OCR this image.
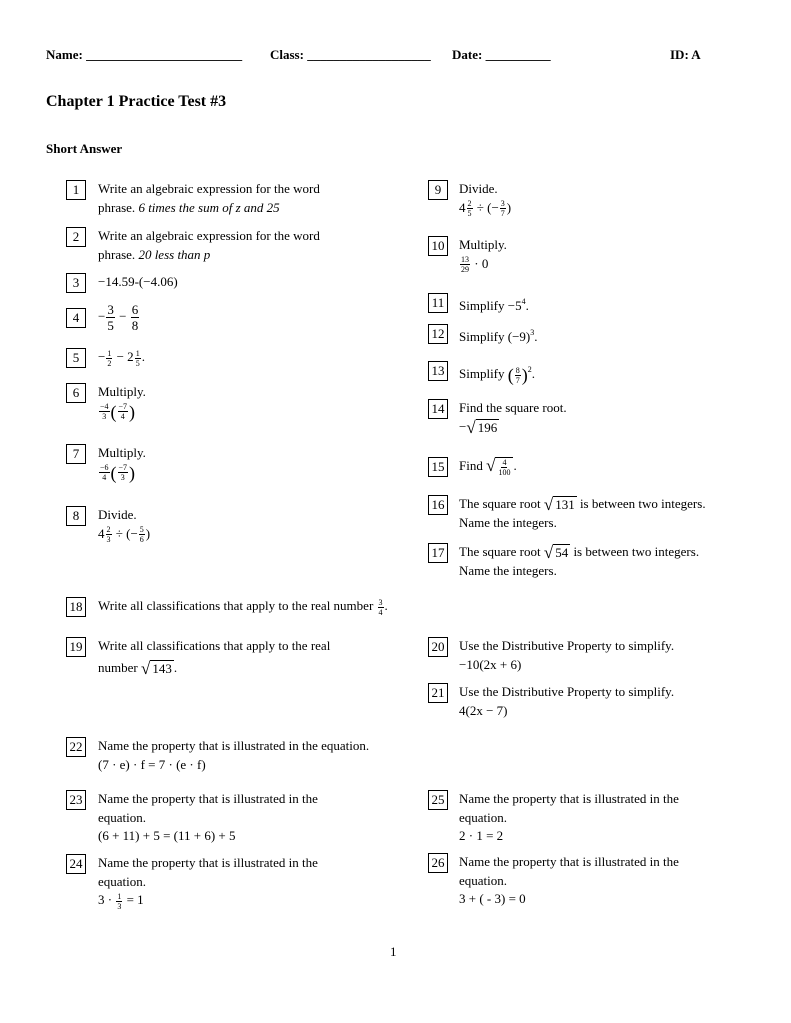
Name: ________________________ Class: ___________________ Date: __________	ID: A
Chapter 1 Practice Test #3
Short Answer
1	Write an algebraic expression for the word
phrase. 6 times the sum of z and 25
2	Write an algebraic expression for the word
phrase. 20 less than p
3	−14.59-(−4.06)
4	− $\frac{3}{5} - \frac{6}{8}$
5	− $\frac{1}{2} - 2 \frac{1}{5}$ .
6	Multiply.
$\frac{-4}{3}$ ( $\frac{-7}{4}$ )
7	Multiply.
$\frac{-6}{4}$ ( $\frac{-7}{3}$ )
8	Divide.
$4 \frac{2}{3}$ ÷ (− $\frac{5}{6}$ )
9	Divide.
$4 \frac{2}{5}$ ÷ (− $\frac{3}{7}$ )
10 Multiply.
$\frac{13}{29} \cdot 0$
11 Simplify $-5^4$.
12 Simplify $(-9)^3$.
13 Simplify ( $\frac{8}{7} )^2$.
14 Find the square root.
− √ 196
15 Find √ $\frac{4}{100}$ .
16 The square root √ 131 is between two integers.
Name the integers.
17 The square root √ 54 is between two integers.
Name the integers.
18 Write all classifications that apply to the real number $\frac{3}{4}$ .
19 Write all classifications that apply to the real
number √ 143 .
20 Use the Distributive Property to simplify.
−10(2x + 6)
21 Use the Distributive Property to simplify.
4(2x − 7)
22 Name the property that is illustrated in the equation.
(7 · e) · f = 7 · (e · f)
23 Name the property that is illustrated in the
equation.
(6 + 11) + 5 = (11 + 6) + 5
24 Name the property that is illustrated in the
equation.
$3 \cdot \frac{1}{3} = 1$
25 Name the property that is illustrated in the
equation.
2 · 1 = 2
26 Name the property that is illustrated in the
equation.
3 + ( - 3) = 0
1
